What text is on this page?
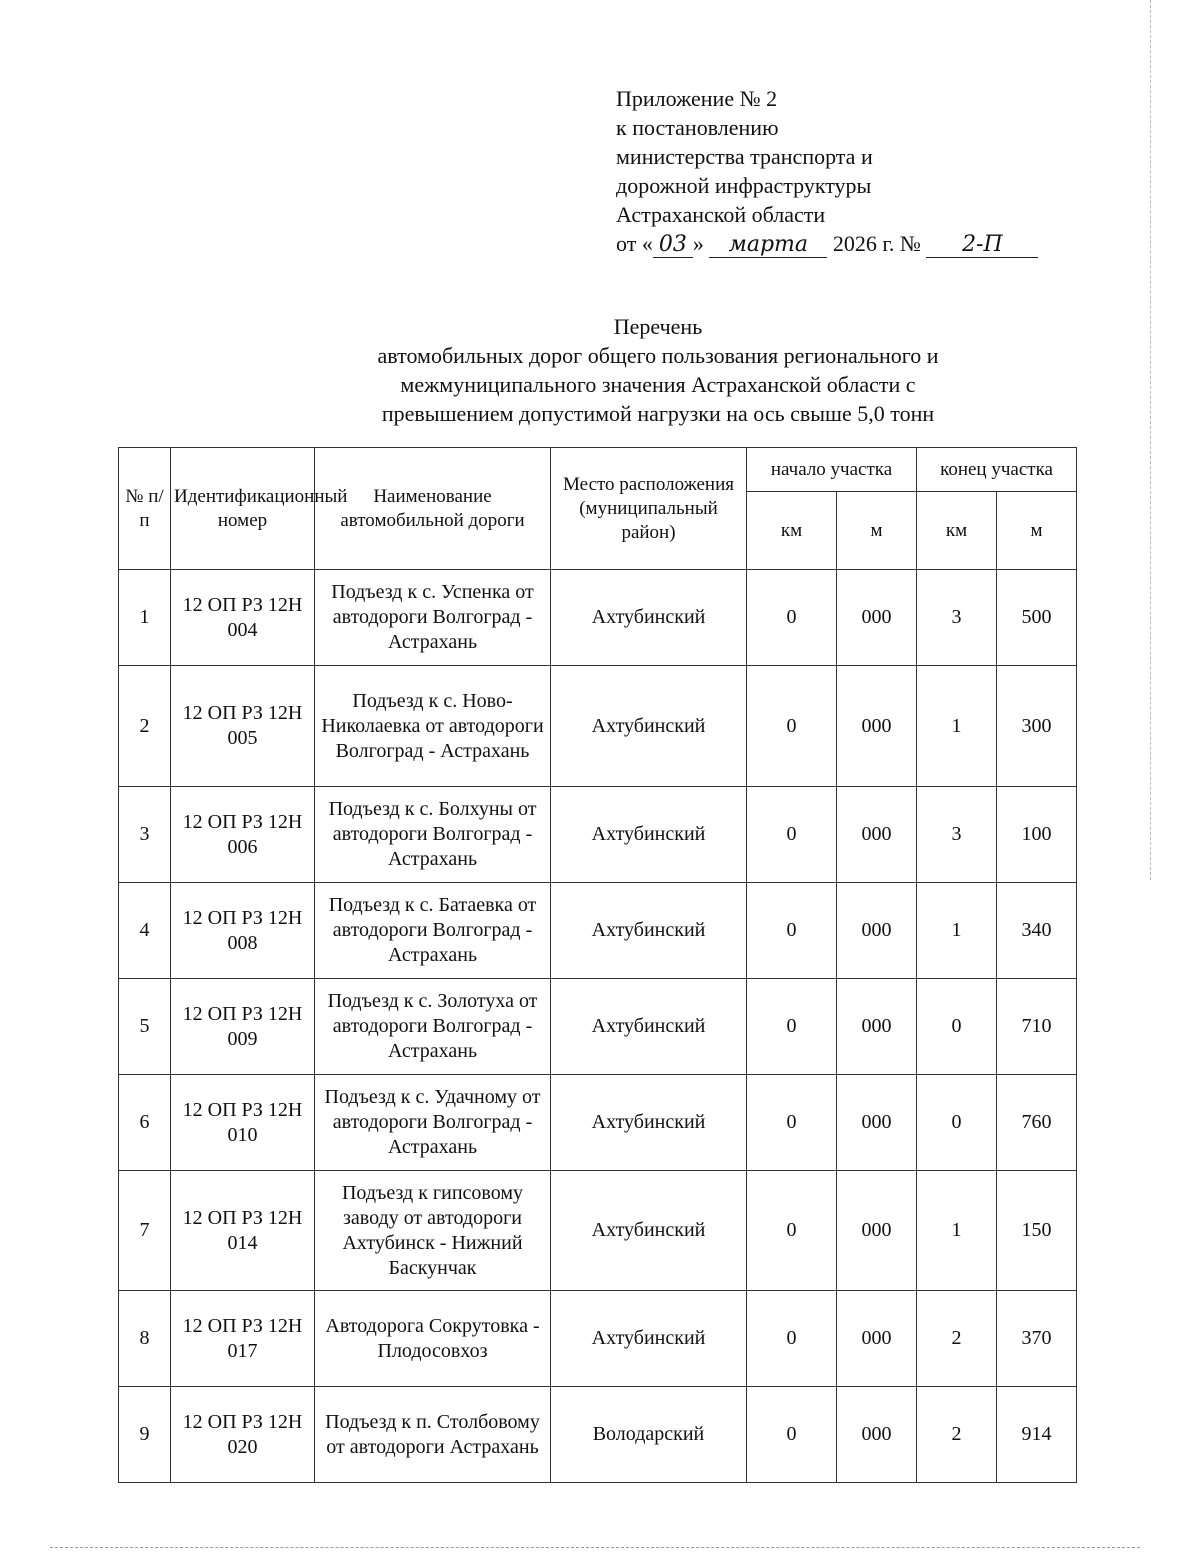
Приложение № 2
к постановлению
министерства транспорта и
дорожной инфраструктуры
Астраханской области
от « 03 » марта 2026 г. № 2-П
Перечень
автомобильных дорог общего пользования регионального и
межмуниципального значения Астраханской области с
превышением допустимой нагрузки на ось свыше 5,0 тонн
№ п/п	Идентификационный номер	Наименование автомобильной дороги	Место расположения (муниципальный район)	начало участка		конец участка	
				км	м	км	м
1	12 ОП РЗ 12Н 004	Подъезд к с. Успенка от автодороги Волгоград - Астрахань	Ахтубинский	0	000	3	500
2	12 ОП РЗ 12Н 005	Подъезд к с. Ново-Николаевка от автодороги Волгоград - Астрахань	Ахтубинский	0	000	1	300
3	12 ОП РЗ 12Н 006	Подъезд к с. Болхуны от автодороги Волгоград - Астрахань	Ахтубинский	0	000	3	100
4	12 ОП РЗ 12Н 008	Подъезд к с. Батаевка от автодороги Волгоград - Астрахань	Ахтубинский	0	000	1	340
5	12 ОП РЗ 12Н 009	Подъезд к с. Золотуха от автодороги Волгоград - Астрахань	Ахтубинский	0	000	0	710
6	12 ОП РЗ 12Н 010	Подъезд к с. Удачному от автодороги Волгоград - Астрахань	Ахтубинский	0	000	0	760
7	12 ОП РЗ 12Н 014	Подъезд к гипсовому заводу от автодороги Ахтубинск - Нижний Баскунчак	Ахтубинский	0	000	1	150
8	12 ОП РЗ 12Н 017	Автодорога Сокрутовка - Плодосовхоз	Ахтубинский	0	000	2	370
9	12 ОП РЗ 12Н 020	Подъезд к п. Столбовому от автодороги Астрахань	Володарский	0	000	2	914
